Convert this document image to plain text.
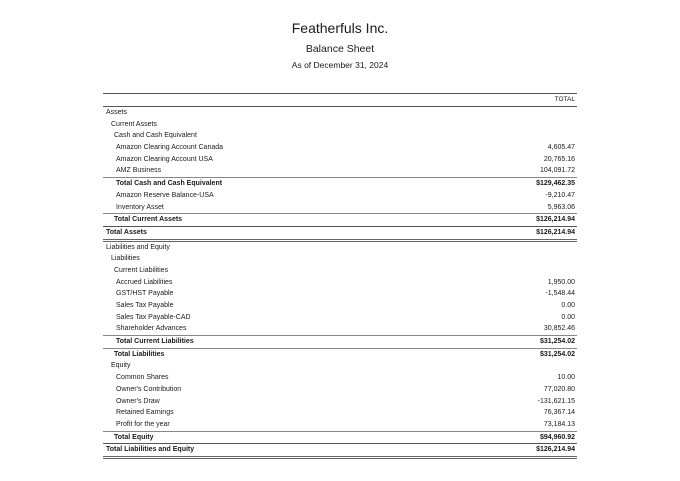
Featherfuls Inc.
Balance Sheet
As of December 31, 2024
TOTAL
Assets
Current Assets
Cash and Cash Equivalent
Amazon Clearing Account Canada	4,605.47
Amazon Clearing Account USA	20,765.16
AMZ Business	104,091.72
Total Cash and Cash Equivalent	$129,462.35
Amazon Reserve Balance-USA	-9,210.47
Inventory Asset	5,963.06
Total Current Assets	$126,214.94
Total Assets	$126,214.94
Liabilities and Equity
Liabilities
Current Liabilities
Accrued Liabilities	1,950.00
GST/HST Payable	-1,548.44
Sales Tax Payable	0.00
Sales Tax Payable-CAD	0.00
Shareholder Advances	30,852.46
Total Current Liabilities	$31,254.02
Total Liabilities	$31,254.02
Equity
Common Shares	10.00
Owner's Contribution	77,020.80
Owner's Draw	-131,621.15
Retained Earnings	76,367.14
Profit for the year	73,184.13
Total Equity	$94,960.92
Total Liabilities and Equity	$126,214.94
